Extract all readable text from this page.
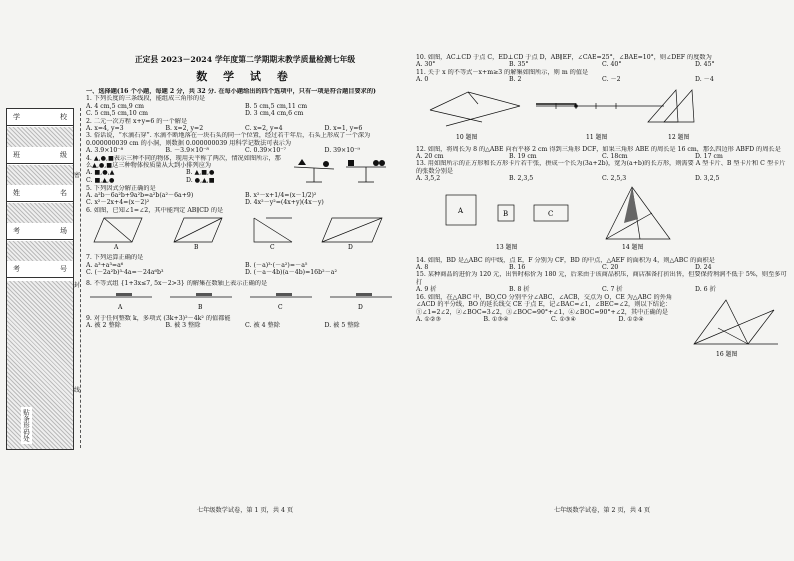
学	校
班	级
姓	名
考	场
考	号
贴条形码处
密
封
线
正定县 2023－2024 学年度第二学期期末教学质量检测七年级
数 学 试 卷

一、选择题(16 个小题，每题 2 分，共 32 分. 在每小题给出的四个选项中，只有一项是符合题目要求的)

1. 下列长度的三条线段，能组成三角形的是

A. 4 cm,5 cm,9 cm	B. 5 cm,5 cm,11 cm
C. 5 cm,5 cm,10 cm	D. 3 cm,4 cm,6 cm

2. 二元一次方程 x+y=6 的一个解是

A. x=4, y=3	B. x=2, y=2	C. x=2, y=4	D. x=1, y=6

3. 俗话说，“水滴石穿”. 水滴不断地落在一块石头的同一个位置，经过若干年后，石头上形成了一个深为 0.000000039 cm 的小洞，则数据 0.000000039 用科学记数法可表示为

A. 3.9×10⁻⁸	B. －3.9×10⁻⁸	C. 0.39×10⁻⁷	D. 39×10⁻⁹

4. ▲,●,■表示三种不同的物体，现用天平称了两次，情况如图所示，那么▲,●,■这三种物体按质量从大到小排列应为

A. ■,●,▲	B. ▲,■,●
C. ■,▲,●	D. ●,▲,■

5. 下列因式分解正确的是

A. a²b－6a²b+9a²b=a²b(a²－6a+9)	B. x²－x+1/4=(x－1/2)²
C. x²－2x+4=(x－2)²	D. 4x²－y²=(4x+y)(4x－y)

6. 如图，已知∠1=∠2，其中能判定 AB∥CD 的是

A	B	C	D

7. 下列运算正确的是

A. a³+a³=a⁶	B. (－a)³·(－a²)=－a⁵
C. (－2a²b)³·4a=－24a⁶b³	D. (－a－4b)(a－4b)=16b²－a²

8. 不等式组 {1+3x≤7, 5x－2>3} 的解集在数轴上表示正确的是

A	B	C	D

9. 对于任何整数 k，多项式 (3k+3)²－4k² 的值都能

A. 被 2 整除	B. 被 3 整除	C. 被 4 整除	D. 被 5 整除
七年级数学试卷，第 1 页，共 4 页

10. 如图，AC⊥CD 于点 C，ED⊥CD 于点 D，AB∥EF，∠CAE=25°，∠BAE=10°，则∠DEF 的度数为

A. 30°	B. 35°	C. 40°	D. 45°

11. 关于 x 的不等式－x+m≥3 的解集如图所示，则 m 的值是

A. 0	B. 2	C. －2	D. －4
10 题图	11 题图	12 题图

12. 如图，将周长为 8 的△ABE 向右平移 2 cm 得到三角形 DCF，如果三角形 ABE 的周长是 16 cm，那么四边形 ABFD 的周长是

A. 20 cm	B. 19 cm	C. 18cm	D. 17 cm

13. 用如图所示的正方形和长方形卡片若干张，拼成一个长为(3a+2b)，宽为(a+b)的长方形，则需要 A 型卡片、B 型卡片和 C 型卡片的张数分别是

A. 3,5,2	B. 2,3,5	C. 2,5,3	D. 3,2,5
A	B	C
13 题图	14 题图

14. 如图，BD 是△ABC 的中线，点 E，F 分别为 CF，BD 的中点，△AEF 的面积为 4，则△ABC 的面积是

A. 8	B. 16	C. 20	D. 24

15. 某种商品的进价为 120 元，出售时标价为 180 元，后来由于该商品积压，商店准备打折出售，但要保持利润不低于 5%，则至多可打

A. 9 折	B. 8 折	C. 7 折	D. 6 折

16. 如图，在△ABC 中，BO,CO 分别平分∠ABC，∠ACB，交点为 O，CE 为△ABC 的外角∠ACD 的平分线，BO 的延长线交 CE 于点 E，记∠BAC=∠1，∠BEC=∠2，则以下结论：①∠1=2∠2，②∠BOC=3∠2，③∠BOC=90°+∠1，④∠BOC=90°+∠2，其中正确的是

A. ①②③	B. ①③④	C. ①③④	D. ①②④
16 题图
七年级数学试卷，第 2 页，共 4 页
